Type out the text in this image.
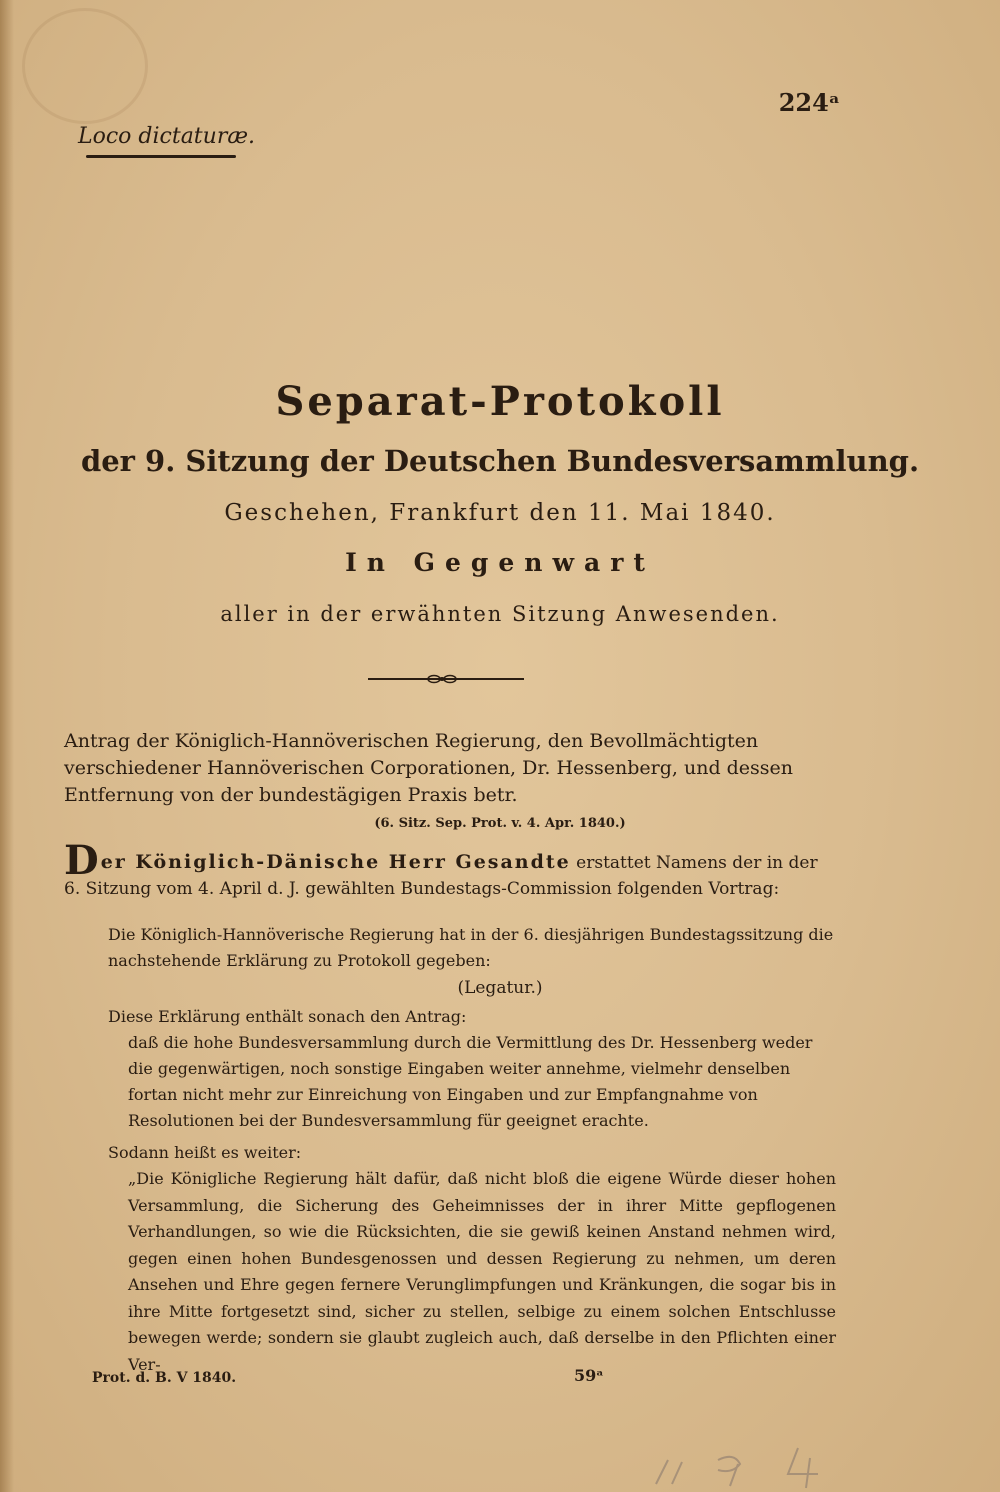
224ᵃ

Loco dictaturæ.

Separat-Protokoll
der 9. Sitzung der Deutschen Bundesversammlung.

Geschehen, Frankfurt den 11. Mai 1840.

In Gegenwart

aller in der erwähnten Sitzung Anwesenden.

Antrag der Königlich-Hannöverischen Regierung, den Bevollmächtigten verschiedener Hannöverischen Corporationen, Dr. Hessenberg, und dessen Entfernung von der bundestägigen Praxis betr.

(6. Sitz. Sep. Prot. v. 4. Apr. 1840.)

Der Königlich-Dänische Herr Gesandte erstattet Namens der in der 6. Sitzung vom 4. April d. J. gewählten Bundestags-Commission folgenden Vortrag:

Die Königlich-Hannöverische Regierung hat in der 6. diesjährigen Bundestagssitzung die nachstehende Erklärung zu Protokoll gegeben:

(Legatur.)

Diese Erklärung enthält sonach den Antrag:

daß die hohe Bundesversammlung durch die Vermittlung des Dr. Hessenberg weder die gegenwärtigen, noch sonstige Eingaben weiter annehme, vielmehr denselben fortan nicht mehr zur Einreichung von Eingaben und zur Empfangnahme von Resolutionen bei der Bundesversammlung für geeignet erachte.

Sodann heißt es weiter:

„Die Königliche Regierung hält dafür, daß nicht bloß die eigene Würde dieser hohen Versammlung, die Sicherung des Geheimnisses der in ihrer Mitte gepflogenen Verhandlungen, so wie die Rücksichten, die sie gewiß keinen Anstand nehmen wird, gegen einen hohen Bundesgenossen und dessen Regierung zu nehmen, um deren Ansehen und Ehre gegen fernere Verunglimpfungen und Kränkungen, die sogar bis in ihre Mitte fortgesetzt sind, sicher zu stellen, selbige zu einem solchen Entschlusse bewegen werde; sondern sie glaubt zugleich auch, daß derselbe in den Pflichten einer Ver-

Prot. d. B. V 1840.	59ᵃ
